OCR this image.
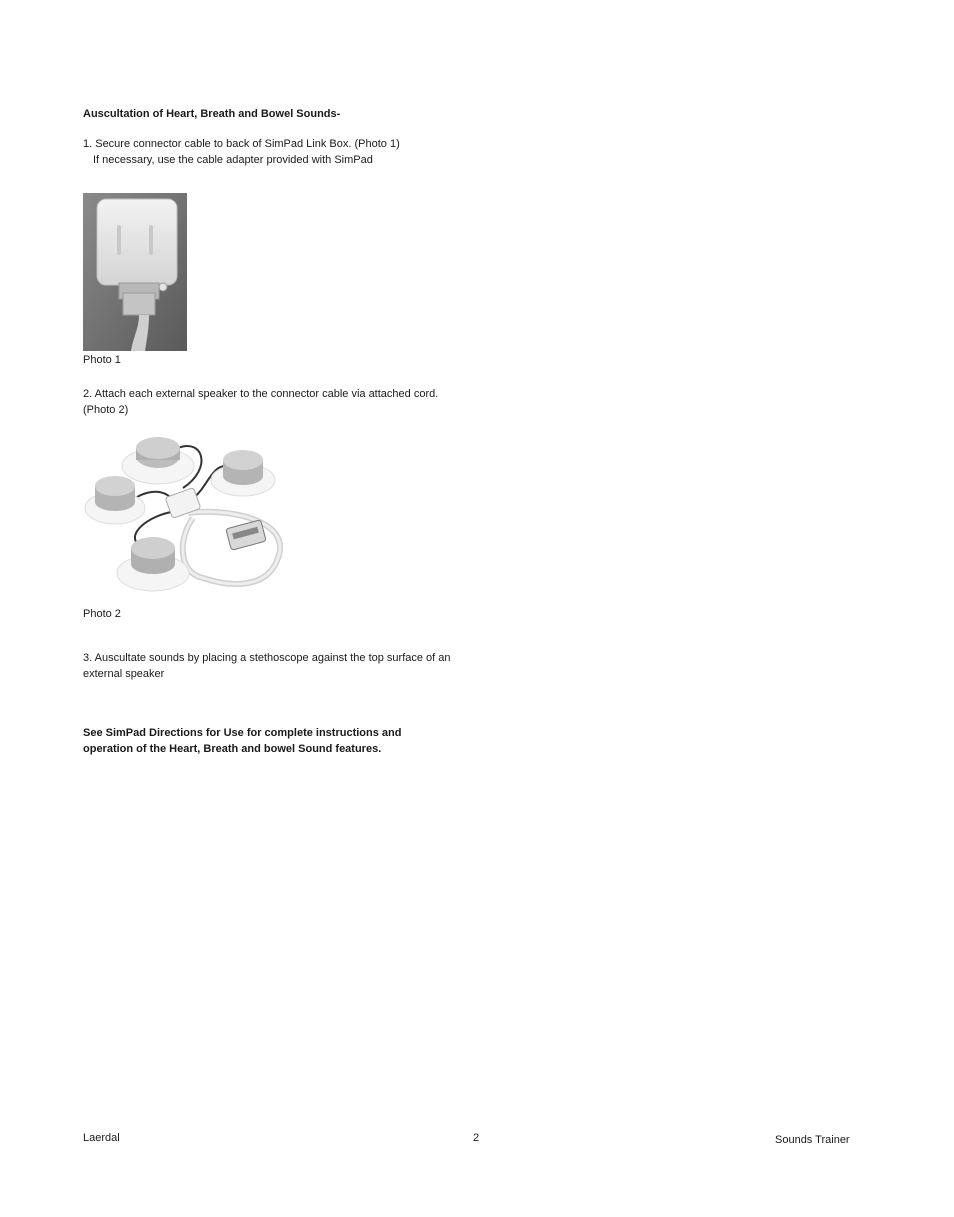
Auscultation of Heart, Breath and Bowel Sounds-
1. Secure connector cable to back of SimPad Link Box. (Photo 1)
If necessary, use the cable adapter provided with SimPad
Photo 1
2. Attach each external speaker to the connector cable via attached cord.
(Photo 2)
Photo 2
3. Auscultate sounds by placing a stethoscope against the top surface of an
external speaker
See SimPad Directions for Use for complete instructions and
operation of the Heart, Breath and bowel Sound features.
Laerdal	2	Sounds Trainer
